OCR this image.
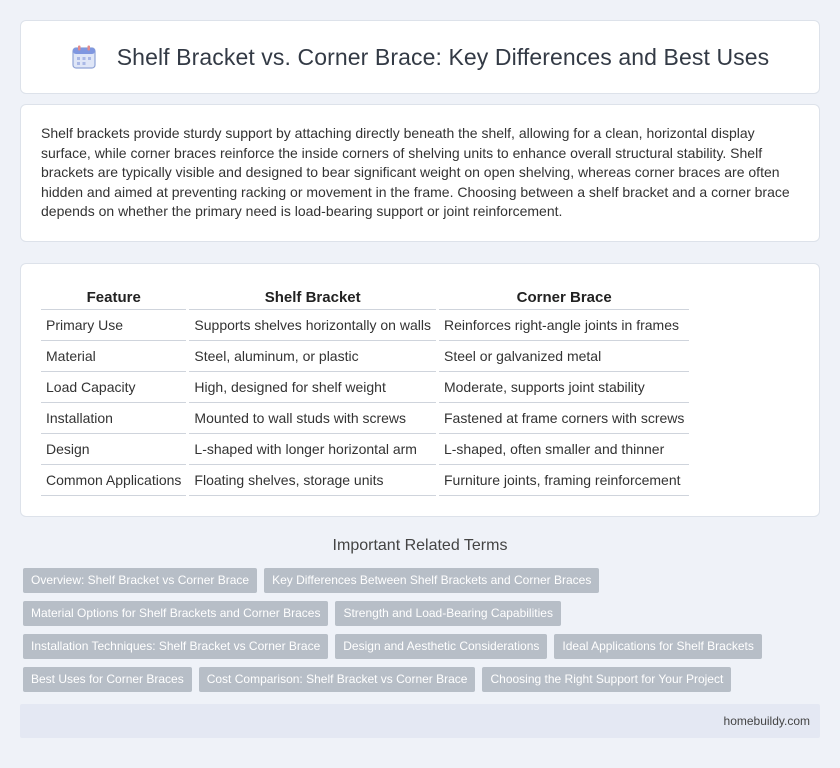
Shelf Bracket vs. Corner Brace: Key Differences and Best Uses

Shelf brackets provide sturdy support by attaching directly beneath the shelf, allowing for a clean, horizontal display surface, while corner braces reinforce the inside corners of shelving units to enhance overall structural stability. Shelf brackets are typically visible and designed to bear significant weight on open shelving, whereas corner braces are often hidden and aimed at preventing racking or movement in the frame. Choosing between a shelf bracket and a corner brace depends on whether the primary need is load-bearing support or joint reinforcement.

Feature	Shelf Bracket	Corner Brace
Primary Use	Supports shelves horizontally on walls	Reinforces right-angle joints in frames
Material	Steel, aluminum, or plastic	Steel or galvanized metal
Load Capacity	High, designed for shelf weight	Moderate, supports joint stability
Installation	Mounted to wall studs with screws	Fastened at frame corners with screws
Design	L-shaped with longer horizontal arm	L-shaped, often smaller and thinner
Common Applications	Floating shelves, storage units	Furniture joints, framing reinforcement
Important Related Terms
Overview: Shelf Bracket vs Corner Brace	Key Differences Between Shelf Brackets and Corner Braces
Material Options for Shelf Brackets and Corner Braces	Strength and Load-Bearing Capabilities
Installation Techniques: Shelf Bracket vs Corner Brace	Design and Aesthetic Considerations	Ideal Applications for Shelf Brackets
Best Uses for Corner Braces	Cost Comparison: Shelf Bracket vs Corner Brace	Choosing the Right Support for Your Project
homebuildy.com
